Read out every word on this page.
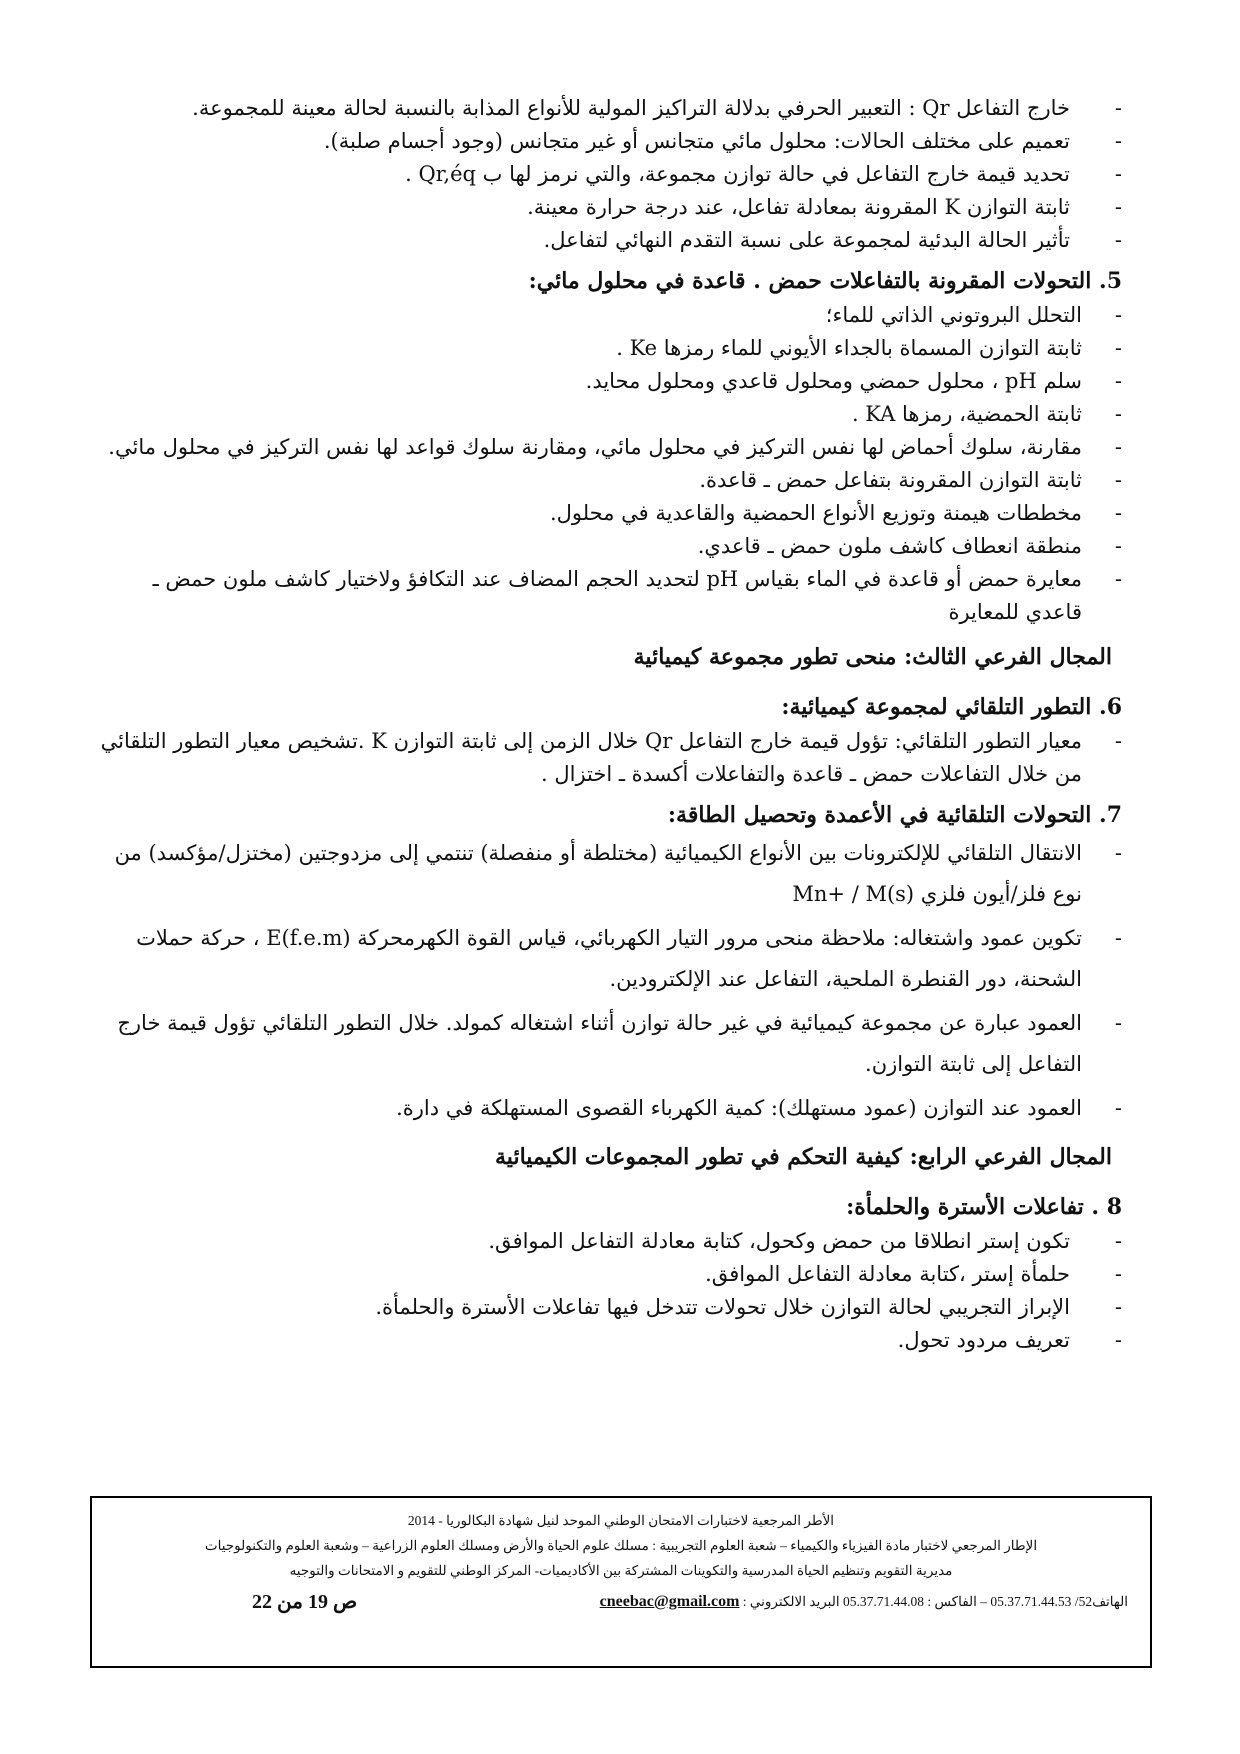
- خارج التفاعل Qr : التعبير الحرفي بدلالة التراكيز المولية للأنواع المذابة بالنسبة لحالة معينة للمجموعة.
- تعميم على مختلف الحالات: محلول مائي متجانس أو غير متجانس (وجود أجسام صلبة).
- تحديد قيمة خارج التفاعل في حالة توازن مجموعة، والتي نرمز لها ب Qr,éq .
- ثابتة التوازن K المقرونة بمعادلة تفاعل، عند درجة حرارة معينة.
- تأثير الحالة البدئية لمجموعة على نسبة التقدم النهائي لتفاعل.
5. التحولات المقرونة بالتفاعلات حمض . قاعدة في محلول مائي:
- التحلل البروتوني الذاتي للماء؛
- ثابتة التوازن المسماة بالجداء الأيوني للماء رمزها Ke .
- سلم pH ، محلول حمضي ومحلول قاعدي ومحلول محايد.
- ثابتة الحمضية، رمزها KA .
- مقارنة، سلوك أحماض لها نفس التركيز في محلول مائي، ومقارنة سلوك قواعد لها نفس التركيز في محلول مائي.
- ثابتة التوازن المقرونة بتفاعل حمض ـ قاعدة.
- مخططات هيمنة وتوزيع الأنواع الحمضية والقاعدية في محلول.
- منطقة انعطاف كاشف ملون حمض ـ قاعدي.
- معايرة حمض أو قاعدة في الماء بقياس pH لتحديد الحجم المضاف عند التكافؤ ولاختيار كاشف ملون حمض ـ قاعدي للمعايرة
المجال الفرعي الثالث: منحى تطور مجموعة كيميائية
6. التطور التلقائي لمجموعة كيميائية:
- معيار التطور التلقائي: تؤول قيمة خارج التفاعل Qr خلال الزمن إلى ثابتة التوازن K .تشخيص معيار التطور التلقائي من خلال التفاعلات حمض ـ قاعدة والتفاعلات أكسدة ـ اختزال .
7. التحولات التلقائية في الأعمدة وتحصيل الطاقة:
- الانتقال التلقائي للإلكترونات بين الأنواع الكيميائية (مختلطة أو منفصلة) تنتمي إلى مزدوجتين (مختزل/مؤكسد) من نوع فلز/أيون فلزي Mn+ / M(s)
- تكوين عمود واشتغاله: ملاحظة منحى مرور التيار الكهربائي، قياس القوة الكهرمحركة E(f.e.m) ، حركة حملات الشحنة، دور القنطرة الملحية، التفاعل عند الإلكترودين.
- العمود عبارة عن مجموعة كيميائية في غير حالة توازن أثناء اشتغاله كمولد. خلال التطور التلقائي تؤول قيمة خارج التفاعل إلى ثابتة التوازن.
- العمود عند التوازن (عمود مستهلك): كمية الكهرباء القصوى المستهلكة في دارة.
المجال الفرعي الرابع: كيفية التحكم في تطور المجموعات الكيميائية
8 . تفاعلات الأسترة والحلمأة:
- تكون إستر انطلاقا من حمض وكحول، كتابة معادلة التفاعل الموافق.
- حلمأة إستر ،كتابة معادلة التفاعل الموافق.
- الإبراز التجريبي لحالة التوازن خلال تحولات تتدخل فيها تفاعلات الأسترة والحلمأة.
- تعريف مردود تحول.
الأطر المرجعية لاختبارات الامتحان الوطني الموحد لنيل شهادة البكالوريا - 2014
الإطار المرجعي لاختبار مادة الفيزياء والكيمياء – شعبة العلوم التجريبية : مسلك علوم الحياة والأرض ومسلك العلوم الزراعية – وشعبة العلوم والتكنولوجيات
مديرية التقويم وتنظيم الحياة المدرسية والتكوينات المشتركة بين الأكاديميات- المركز الوطني للتقويم و الامتحانات والتوجيه
الهاتف52/ 05.37.71.44.53 – الفاكس : 05.37.71.44.08 البريد الالكتروني : cneebac@gmail.com
ص 19 من 22
